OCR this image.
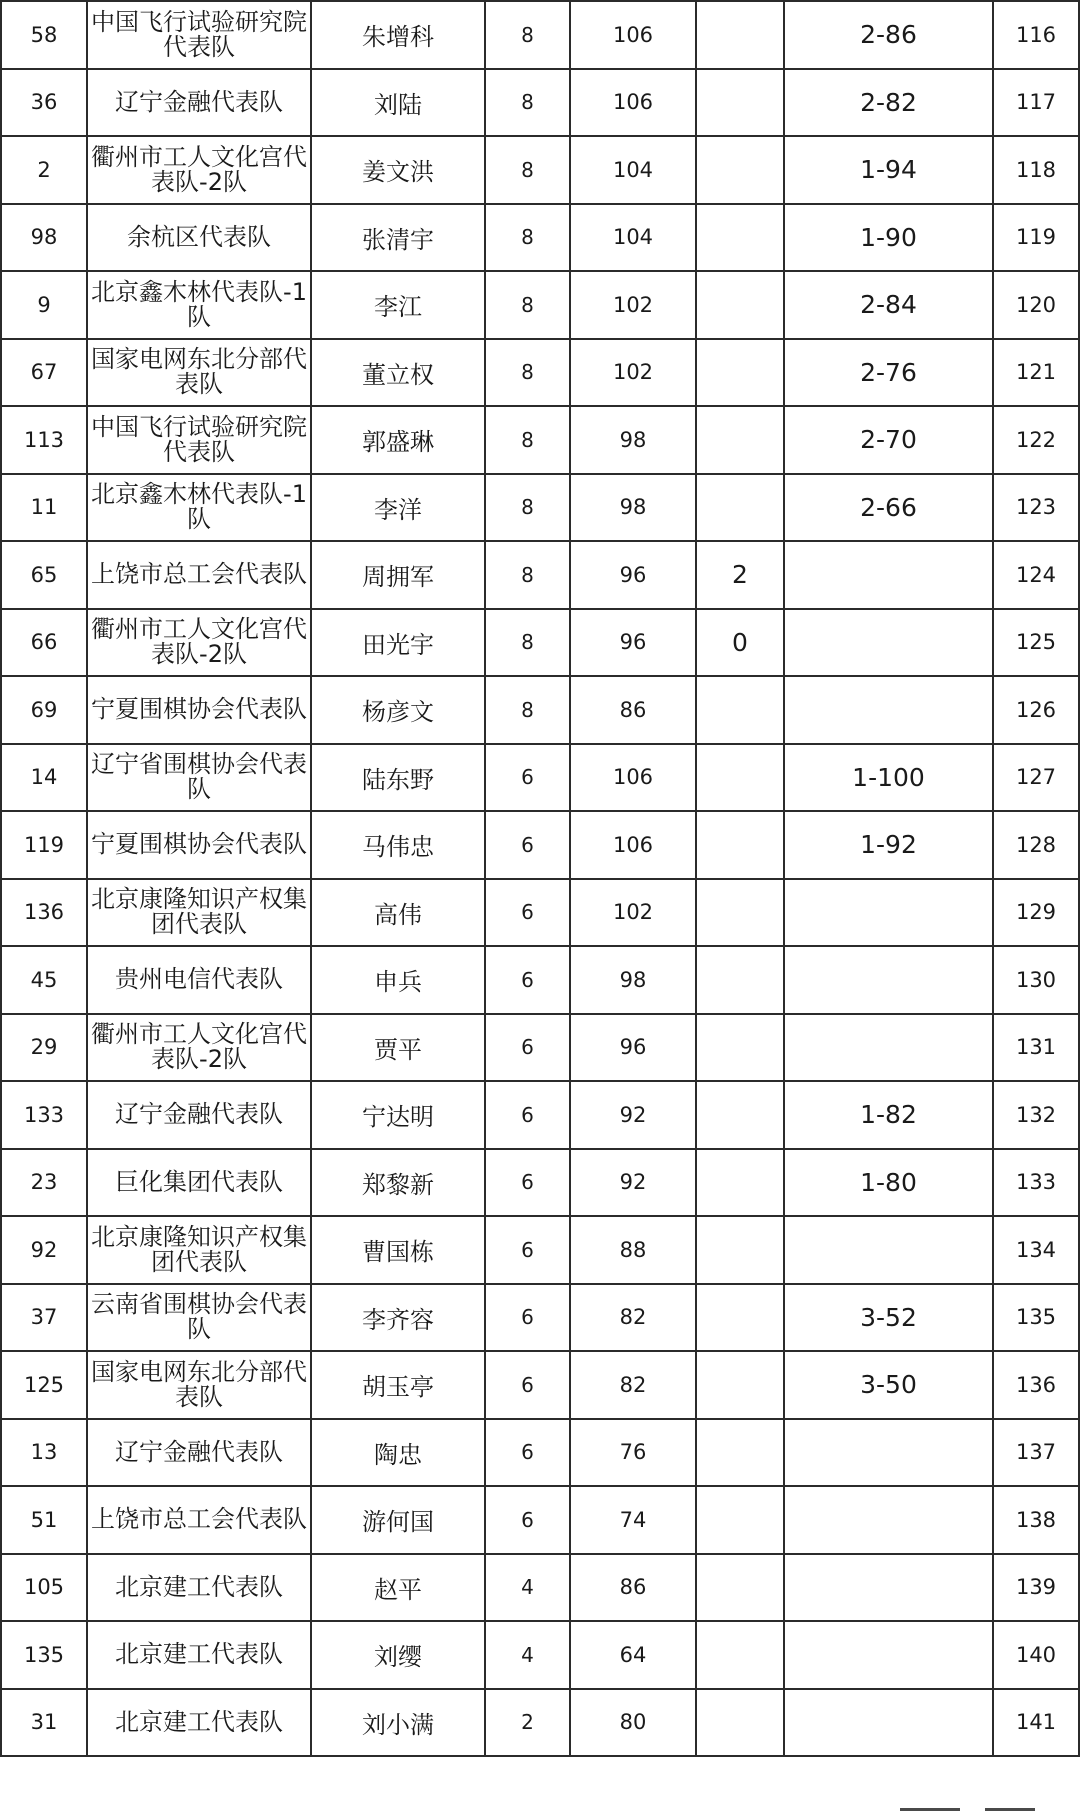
58	中国飞行试验研究院代表队	朱增科	8	106		2-86	116
36	辽宁金融代表队	刘陆	8	106		2-82	117
2	衢州市工人文化宫代表队-2队	姜文洪	8	104		1-94	118
98	余杭区代表队	张清宇	8	104		1-90	119
9	北京鑫木林代表队-1队	李江	8	102		2-84	120
67	国家电网东北分部代表队	董立权	8	102		2-76	121
113	中国飞行试验研究院代表队	郭盛琳	8	98		2-70	122
11	北京鑫木林代表队-1队	李洋	8	98		2-66	123
65	上饶市总工会代表队	周拥军	8	96	2		124
66	衢州市工人文化宫代表队-2队	田光宇	8	96	0		125
69	宁夏围棋协会代表队	杨彦文	8	86			126
14	辽宁省围棋协会代表队	陆东野	6	106		1-100	127
119	宁夏围棋协会代表队	马伟忠	6	106		1-92	128
136	北京康隆知识产权集团代表队	高伟	6	102			129
45	贵州电信代表队	申兵	6	98			130
29	衢州市工人文化宫代表队-2队	贾平	6	96			131
133	辽宁金融代表队	宁达明	6	92		1-82	132
23	巨化集团代表队	郑黎新	6	92		1-80	133
92	北京康隆知识产权集团代表队	曹国栋	6	88			134
37	云南省围棋协会代表队	李齐容	6	82		3-52	135
125	国家电网东北分部代表队	胡玉亭	6	82		3-50	136
13	辽宁金融代表队	陶忠	6	76			137
51	上饶市总工会代表队	游何国	6	74			138
105	北京建工代表队	赵平	4	86			139
135	北京建工代表队	刘缨	4	64			140
31	北京建工代表队	刘小满	2	80			141
